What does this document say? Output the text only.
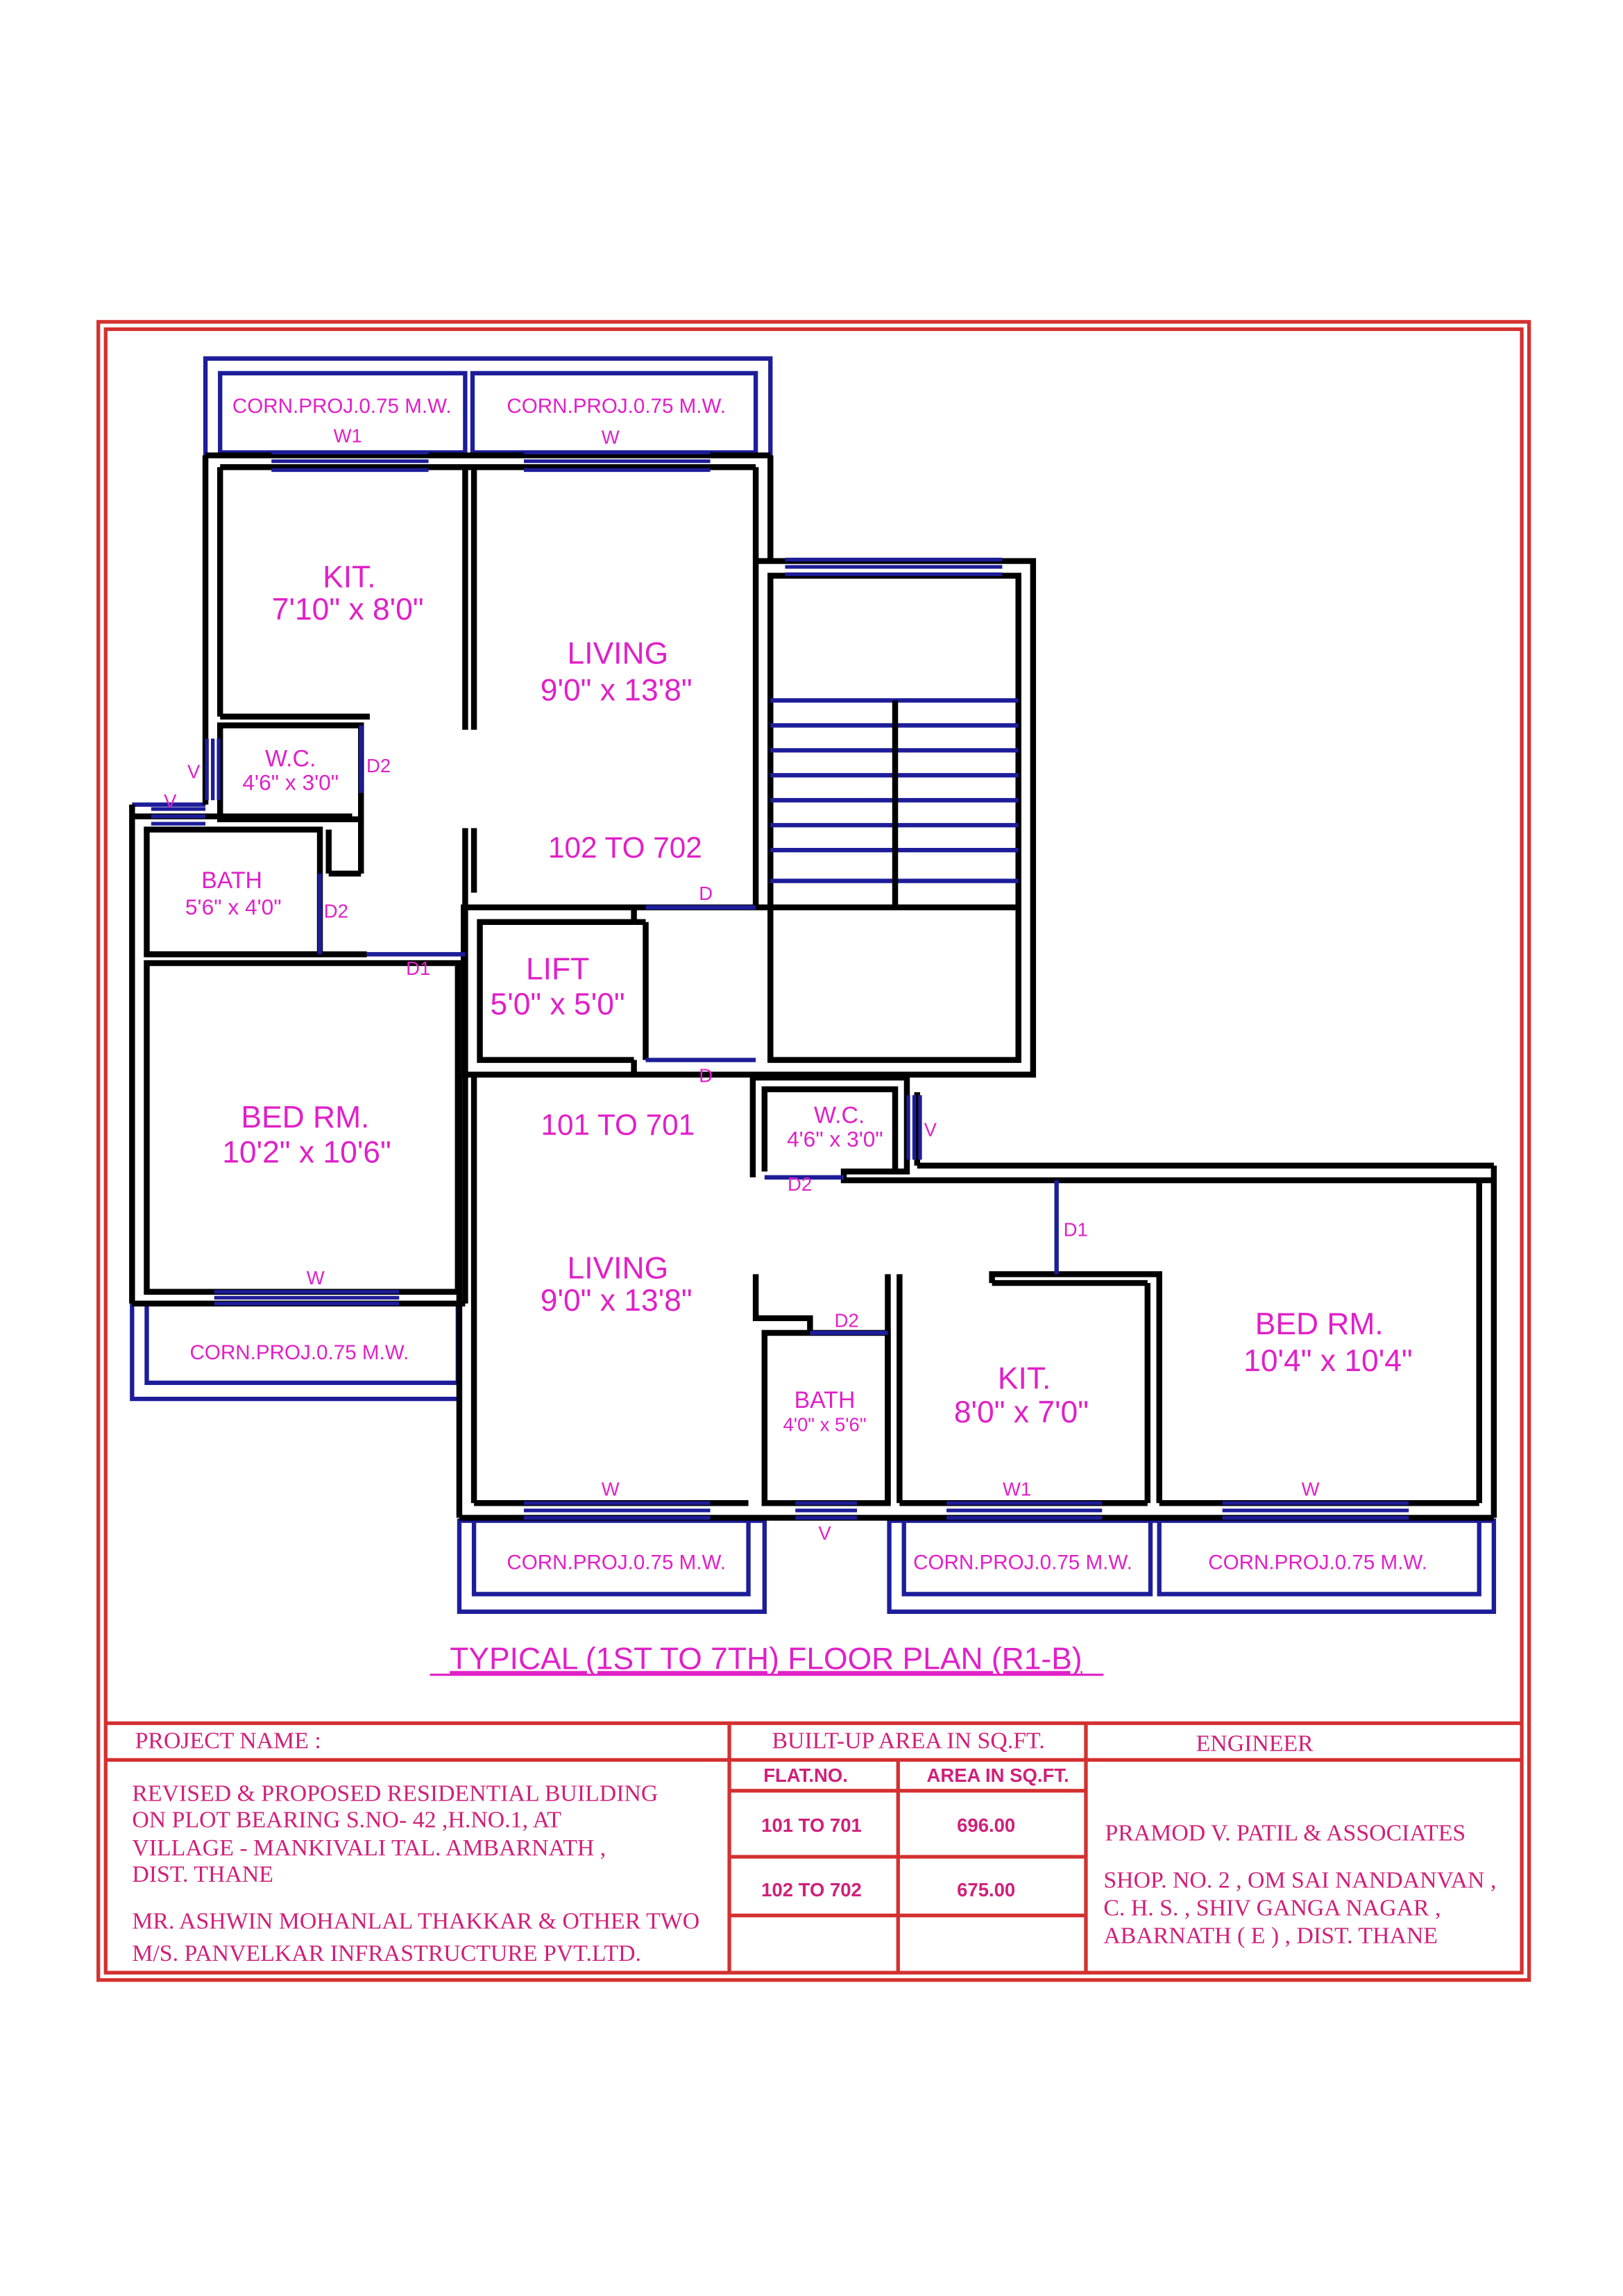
CORN.PROJ.0.75 M.W.	CORN.PROJ.0.75 M.W.
CORN.PROJ.0.75 M.W.
CORN.PROJ.0.75 M.W.	CORN.PROJ.0.75 M.W.	CORN.PROJ.0.75 M.W.
W1	W
V
V
W
V
W
V
W1	W
D2
D2
D1
D
D
D2
D1
D2
KIT.
7'10" x 8'0"
LIVING
9'0" x 13'8"
W.C.
4'6" x 3'0"
BATH
5'6" x 4'0"
102 TO 702
BED RM.
10'2" x 10'6"
LIFT
5'0" x 5'0"
101 TO 701	W.C.
4'6" x 3'0"
LIVING
9'0" x 13'8"
BATH
4'0" x 5'6"
KIT.
8'0" x 7'0"
BED RM.
10'4" x 10'4"
TYPICAL (1ST TO 7TH) FLOOR PLAN (R1-B)
PROJECT NAME :
REVISED & PROPOSED RESIDENTIAL BUILDING
ON PLOT BEARING S.NO- 42 ,H.NO.1, AT
VILLAGE - MANKIVALI TAL. AMBARNATH ,
DIST. THANE
MR. ASHWIN MOHANLAL THAKKAR & OTHER TWO
M/S. PANVELKAR INFRASTRUCTURE PVT.LTD.
BUILT-UP AREA IN SQ.FT.
FLAT.NO.	AREA IN SQ.FT.
101 TO 701	696.00
102 TO 702	675.00
ENGINEER
PRAMOD V. PATIL & ASSOCIATES
SHOP. NO. 2 , OM SAI NANDANVAN ,
C. H. S. , SHIV GANGA NAGAR ,
ABARNATH ( E ) , DIST. THANE
